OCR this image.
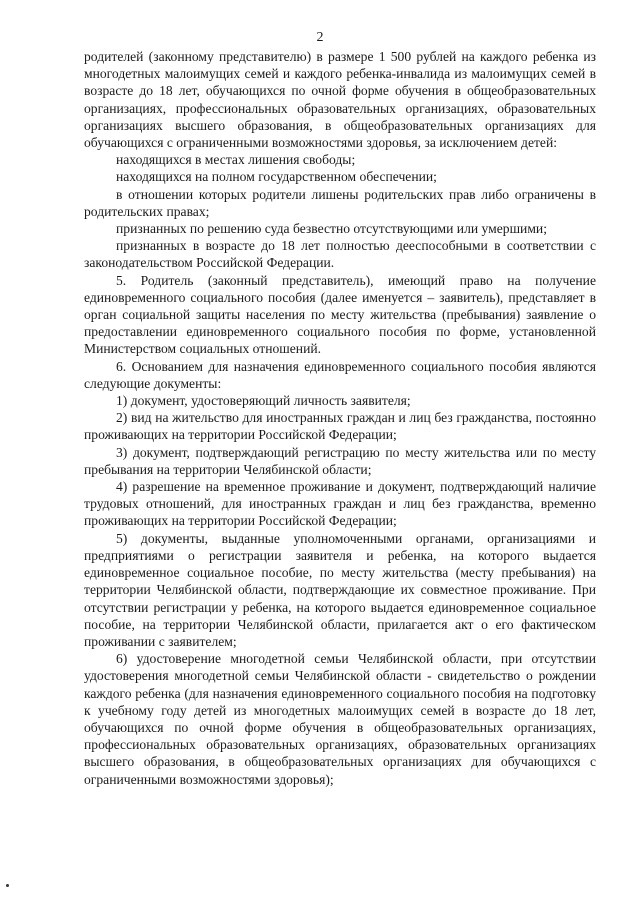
2

родителей (законному представителю) в размере 1 500 рублей на каждого ребенка из многодетных малоимущих семей и каждого ребенка-инвалида из малоимущих семей в возрасте до 18 лет, обучающихся по очной форме обучения в общеобразовательных организациях, профессиональных образовательных организациях, образовательных организациях высшего образования, в общеобразовательных организациях для обучающихся с ограниченными возможностями здоровья, за исключением детей:

находящихся в местах лишения свободы;

находящихся на полном государственном обеспечении;

в отношении которых родители лишены родительских прав либо ограничены в родительских правах;

признанных по решению суда безвестно отсутствующими или умершими;

признанных в возрасте до 18 лет полностью дееспособными в соответствии с законодательством Российской Федерации.

5. Родитель (законный представитель), имеющий право на получение единовременного социального пособия (далее именуется – заявитель), представляет в орган социальной защиты населения по месту жительства (пребывания) заявление о предоставлении единовременного социального пособия по форме, установленной Министерством социальных отношений.

6. Основанием для назначения единовременного социального пособия являются следующие документы:

1) документ, удостоверяющий личность заявителя;

2) вид на жительство для иностранных граждан и лиц без гражданства, постоянно проживающих на территории Российской Федерации;

3) документ, подтверждающий регистрацию по месту жительства или по месту пребывания на территории Челябинской области;

4) разрешение на временное проживание и документ, подтверждающий наличие трудовых отношений, для иностранных граждан и лиц без гражданства, временно проживающих на территории Российской Федерации;

5) документы, выданные уполномоченными органами, организациями и предприятиями о регистрации заявителя и ребенка, на которого выдается единовременное социальное пособие, по месту жительства (месту пребывания) на территории Челябинской области, подтверждающие их совместное проживание. При отсутствии регистрации у ребенка, на которого выдается единовременное социальное пособие, на территории Челябинской области, прилагается акт о его фактическом проживании с заявителем;

6) удостоверение многодетной семьи Челябинской области, при отсутствии удостоверения многодетной семьи Челябинской области - свидетельство о рождении каждого ребенка (для назначения единовременного социального пособия на подготовку к учебному году детей из многодетных малоимущих семей в возрасте до 18 лет, обучающихся по очной форме обучения в общеобразовательных организациях, профессиональных образовательных организациях, образовательных организациях высшего образования, в общеобразовательных организациях для обучающихся с ограниченными возможностями здоровья);
